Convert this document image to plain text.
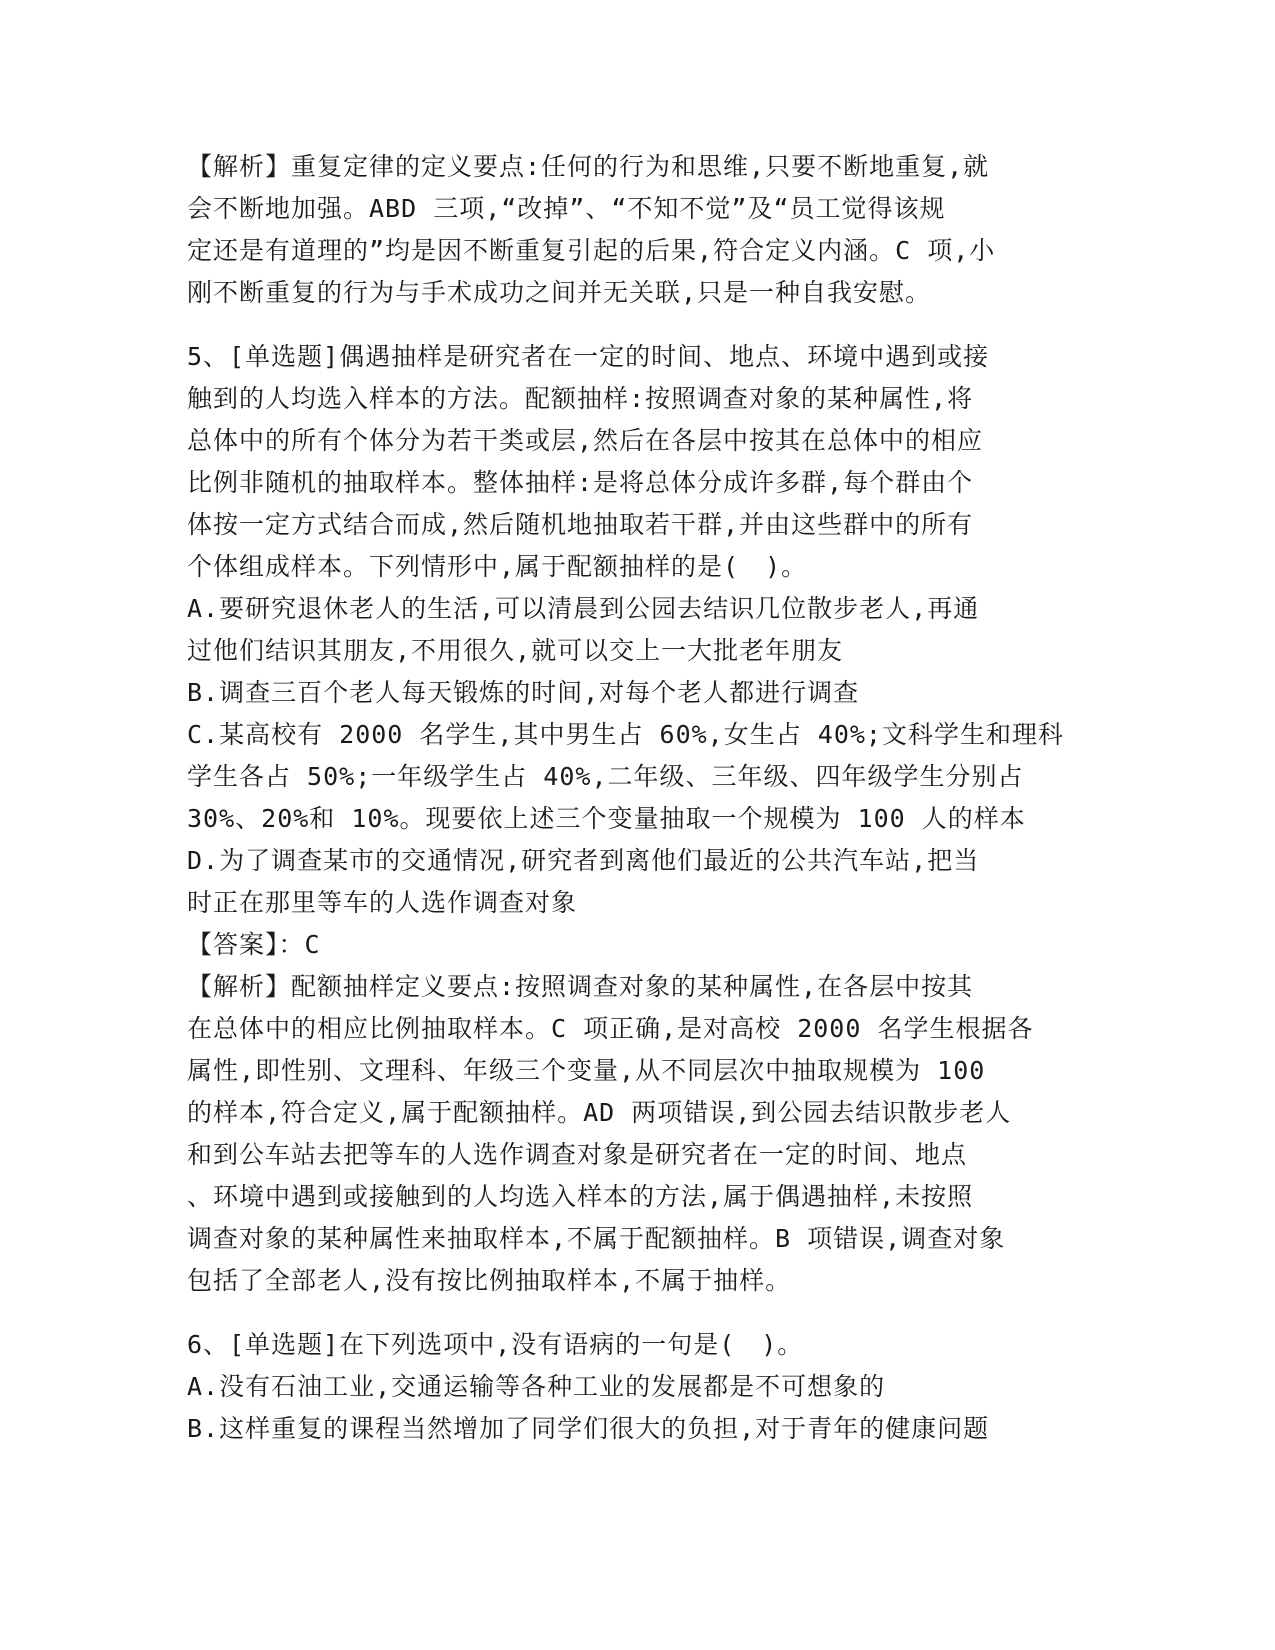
【解析】重复定律的定义要点:任何的行为和思维,只要不断地重复,就
会不断地加强。ABD 三项,“改掉”、“不知不觉”及“员工觉得该规
定还是有道理的”均是因不断重复引起的后果,符合定义内涵。C 项,小
刚不断重复的行为与手术成功之间并无关联,只是一种自我安慰。
5、[单选题]偶遇抽样是研究者在一定的时间、地点、环境中遇到或接
触到的人均选入样本的方法。配额抽样:按照调查对象的某种属性,将
总体中的所有个体分为若干类或层,然后在各层中按其在总体中的相应
比例非随机的抽取样本。整体抽样:是将总体分成许多群,每个群由个
体按一定方式结合而成,然后随机地抽取若干群,并由这些群中的所有
个体组成样本。下列情形中,属于配额抽样的是(　)。
A.要研究退休老人的生活,可以清晨到公园去结识几位散步老人,再通
过他们结识其朋友,不用很久,就可以交上一大批老年朋友
B.调查三百个老人每天锻炼的时间,对每个老人都进行调查
C.某高校有 2000 名学生,其中男生占 60%,女生占 40%;文科学生和理科
学生各占 50%;一年级学生占 40%,二年级、三年级、四年级学生分别占
30%、20%和 10%。现要依上述三个变量抽取一个规模为 100 人的样本
D.为了调查某市的交通情况,研究者到离他们最近的公共汽车站,把当
时正在那里等车的人选作调查对象
【答案】：C
【解析】配额抽样定义要点:按照调查对象的某种属性,在各层中按其
在总体中的相应比例抽取样本。C 项正确,是对高校 2000 名学生根据各
属性,即性别、文理科、年级三个变量,从不同层次中抽取规模为 100
的样本,符合定义,属于配额抽样。AD 两项错误,到公园去结识散步老人
和到公车站去把等车的人选作调查对象是研究者在一定的时间、地点
、环境中遇到或接触到的人均选入样本的方法,属于偶遇抽样,未按照
调查对象的某种属性来抽取样本,不属于配额抽样。B 项错误,调查对象
包括了全部老人,没有按比例抽取样本,不属于抽样。
6、[单选题]在下列选项中,没有语病的一句是(　)。
A.没有石油工业,交通运输等各种工业的发展都是不可想象的
B.这样重复的课程当然增加了同学们很大的负担,对于青年的健康问题
